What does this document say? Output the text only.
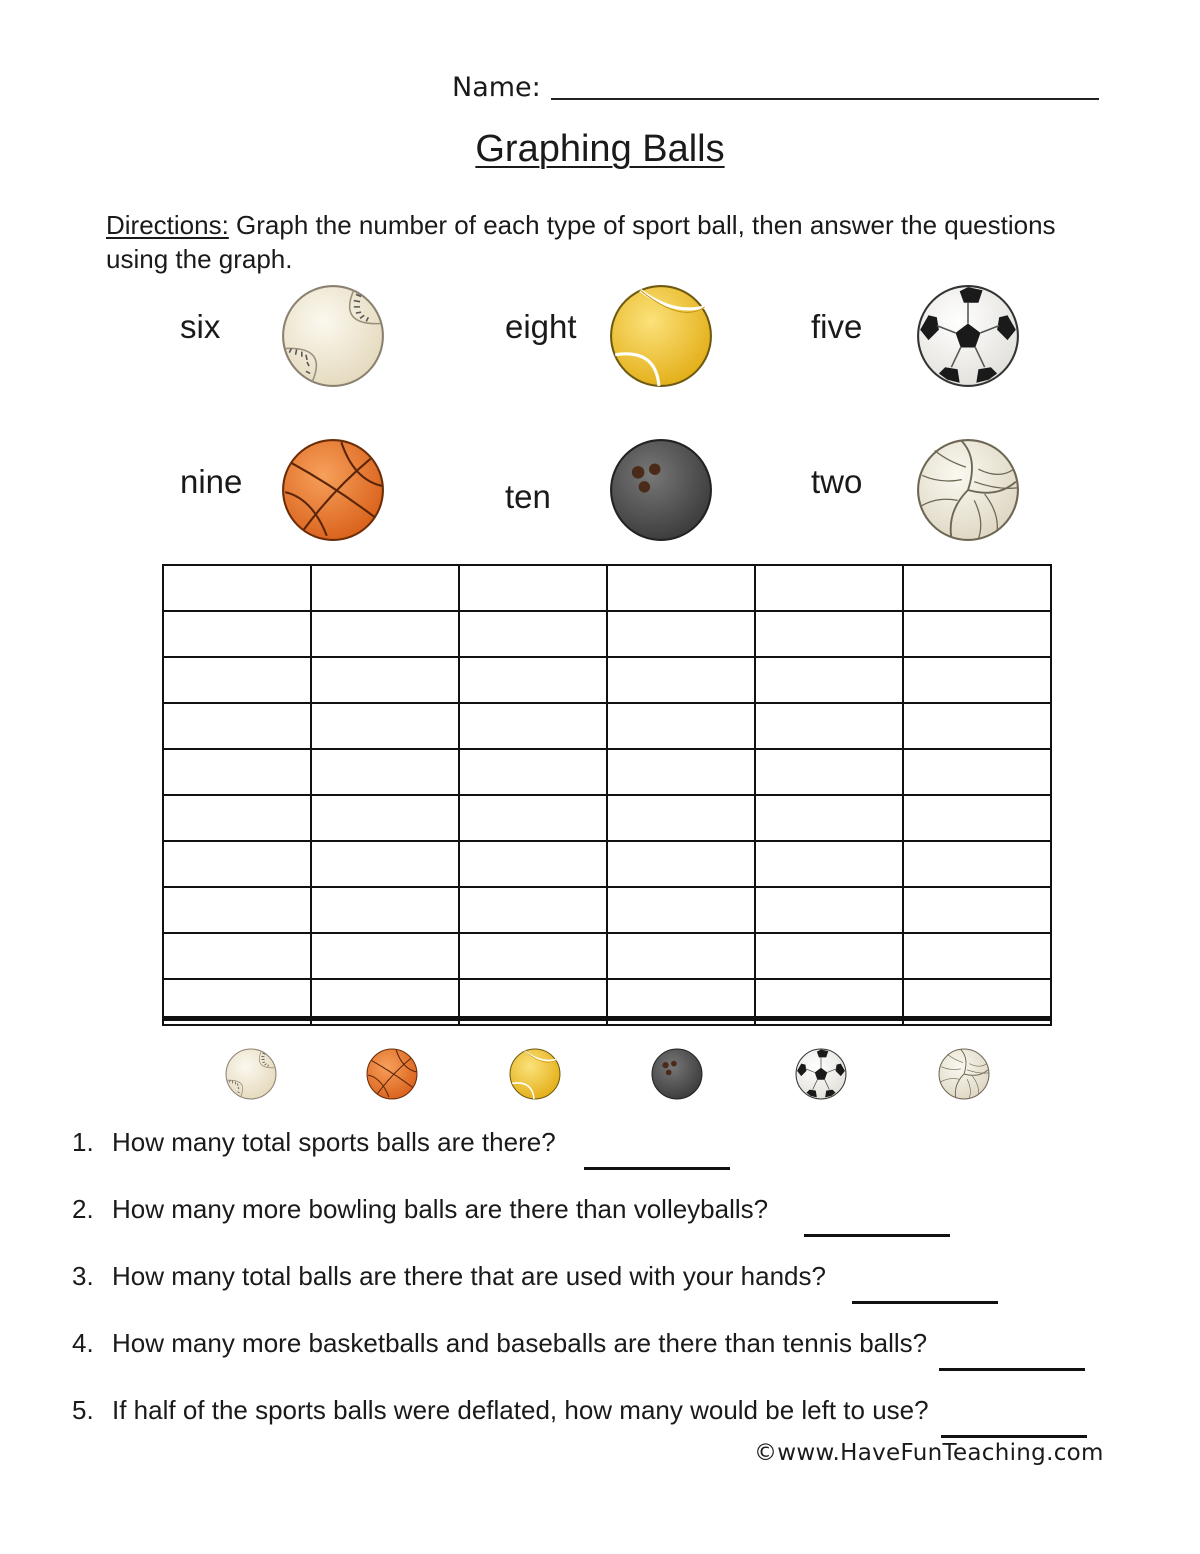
Name:
Graphing Balls
Directions: Graph the number of each type of sport ball, then answer the questions using the graph.
six	eight	five
nine	ten	two

1. How many total sports balls are there?
2. How many more bowling balls are there than volleyballs?
3. How many total balls are there that are used with your hands?
4. How many more basketballs and baseballs are there than tennis balls?
5. If half of the sports balls were deflated, how many would be left to use?
©www.HaveFunTeaching.com
